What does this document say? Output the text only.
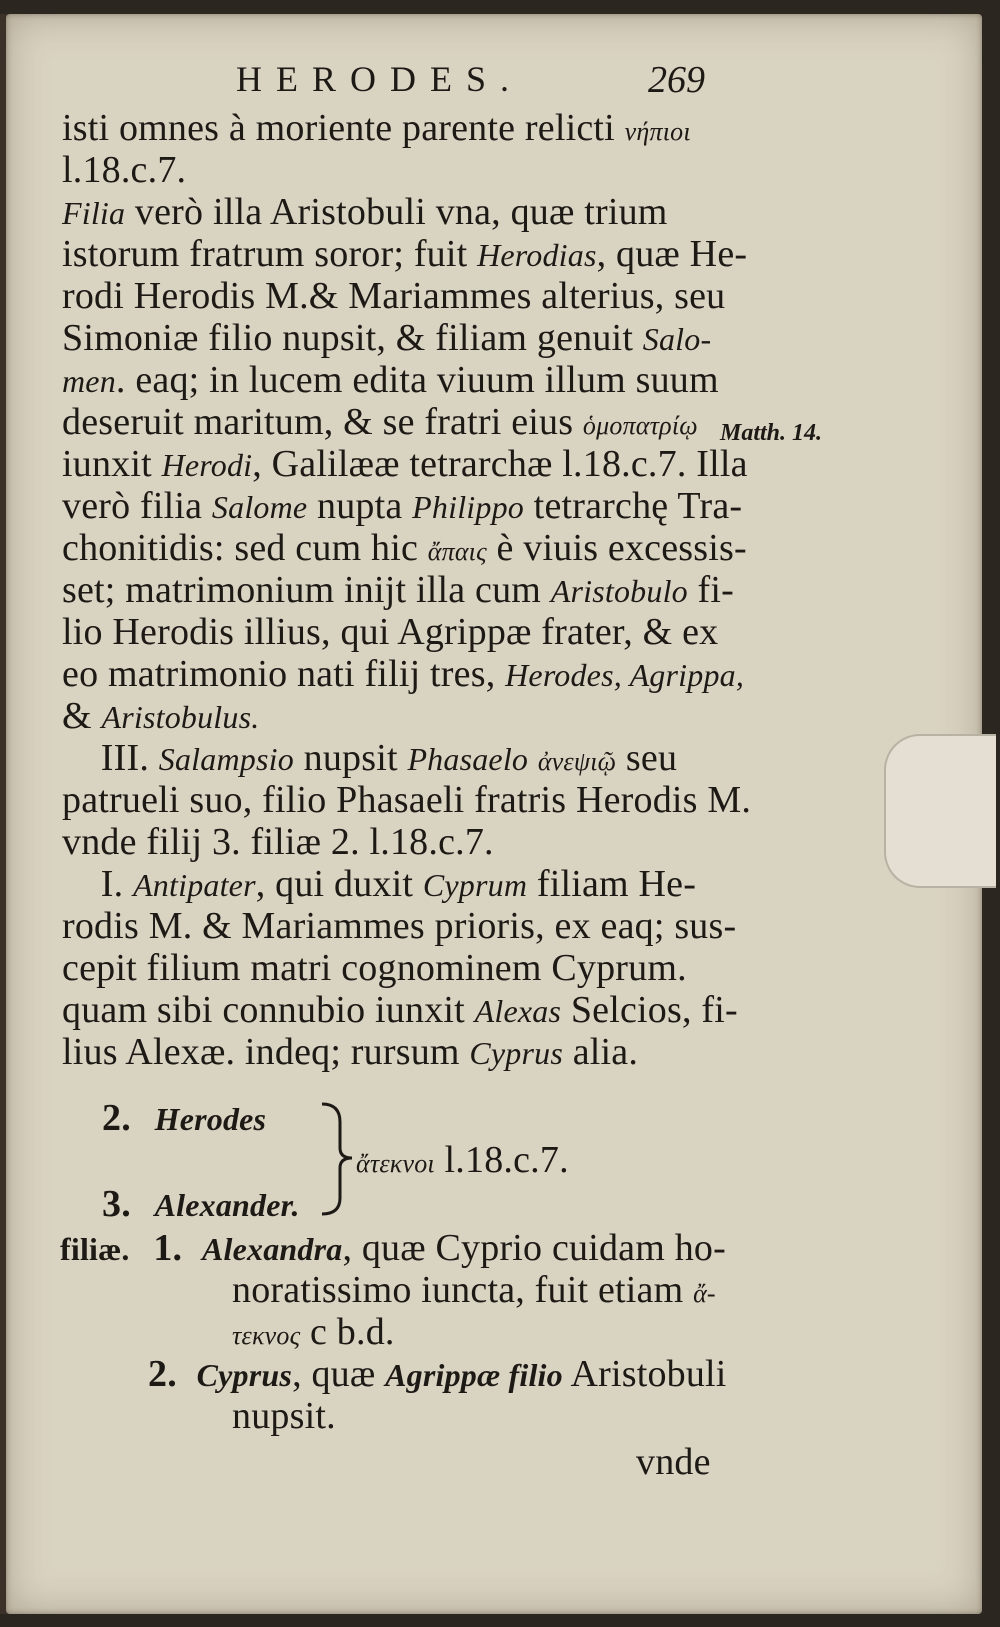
HERODES.	269
Matth. 14.
isti omnes à moriente parente relicti νήπιοι
l.18.c.7.
Filia verò illa Aristobuli vna, quæ trium
istorum fratrum soror; fuit Herodias, quæ He-
rodi Herodis M.& Mariammes alterius, seu
Simoniæ filio nupsit, & filiam genuit Salo-
men. eaq; in lucem edita viuum illum suum
deseruit maritum, & se fratri eius ὁμοπατρίῳ
iunxit Herodi, Galilææ tetrarchæ l.18.c.7. Illa
verò filia Salome nupta Philippo tetrarchę Tra-
chonitidis: sed cum hic ἄπαις è viuis excessis-
set; matrimonium inijt illa cum Aristobulo fi-
lio Herodis illius, qui Agrippæ frater, & ex
eo matrimonio nati filij tres, Herodes, Agrippa,
& Aristobulus.
III. Salampsio nupsit Phasaelo ἀνεψιῷ seu
patrueli suo, filio Phasaeli fratris Herodis M.
vnde filij 3. filiæ 2. l.18.c.7.
I. Antipater, qui duxit Cyprum filiam He-
rodis M. & Mariammes prioris, ex eaq; sus-
cepit filium matri cognominem Cyprum.
quam sibi connubio iunxit Alexas Selcios, fi-
lius Alexæ. indeq; rursum Cyprus alia.
2. Herodes
3. Alexander.
ἄτεκνοι l.18.c.7.
filiæ. 1. Alexandra, quæ Cyprio cuidam ho-
noratissimo iuncta, fuit etiam ἄ-
τεκνος c b.d.
2. Cyprus, quæ Agrippæ filio Aristobuli
nupsit.
vnde
